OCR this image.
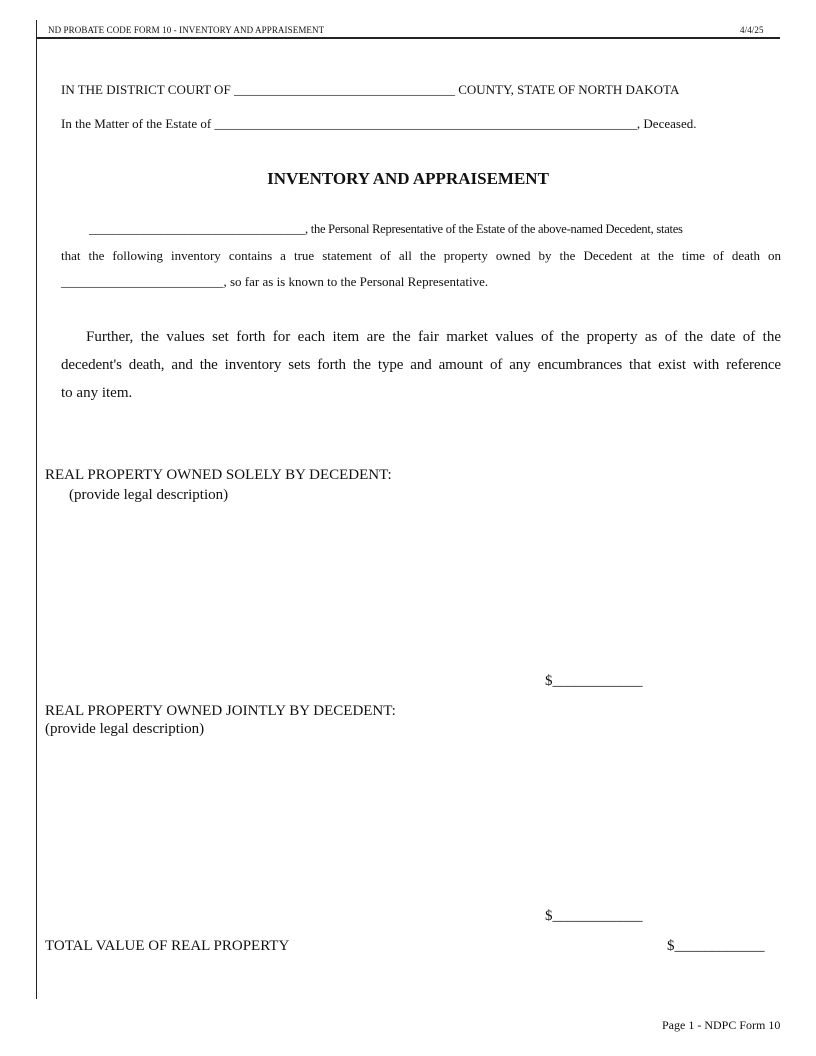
ND PROBATE CODE FORM 10 - INVENTORY AND APPRAISEMENT	4/4/25
IN THE DISTRICT COURT OF __________________________________ COUNTY, STATE OF NORTH DAKOTA
In the Matter of the Estate of _________________________________________________________________, Deceased.
INVENTORY AND APPRAISEMENT
____________________________________, the Personal Representative of the Estate of the above-named Decedent, states
that the following inventory contains a true statement of all the property owned by the Decedent at the time of death on
_________________________, so far as is known to the Personal Representative.
Further, the values set forth for each item are the fair market values of the property as of the date of the
decedent's death, and the inventory sets forth the type and amount of any encumbrances that exist with reference
to any item.
REAL PROPERTY OWNED SOLELY BY DECEDENT:
(provide legal description)
$____________
REAL PROPERTY OWNED JOINTLY BY DECEDENT:
(provide legal description)
$____________
TOTAL VALUE OF REAL PROPERTY	$____________
Page 1 - NDPC Form 10
